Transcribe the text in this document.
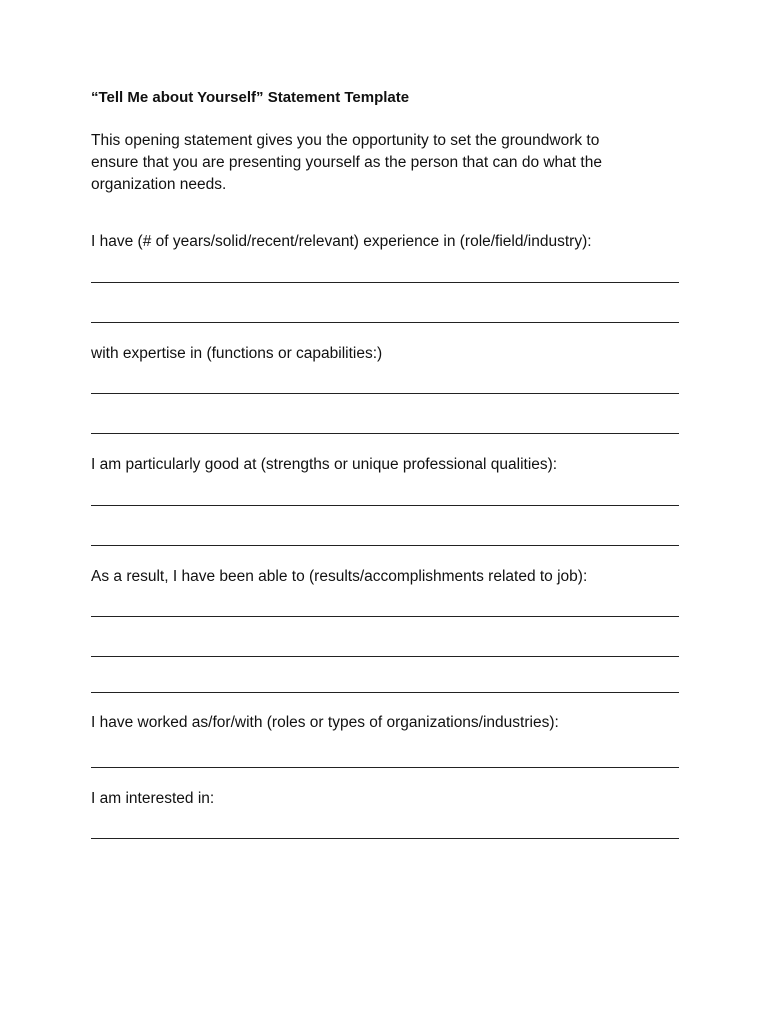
“Tell Me about Yourself” Statement Template

This opening statement gives you the opportunity to set the groundwork to
ensure that you are presenting yourself as the person that can do what the
organization needs.

I have (# of years/solid/recent/relevant) experience in (role/field/industry):

with expertise in (functions or capabilities:)

I am particularly good at (strengths or unique professional qualities):

As a result, I have been able to (results/accomplishments related to job):

I have worked as/for/with (roles or types of organizations/industries):

I am interested in:
